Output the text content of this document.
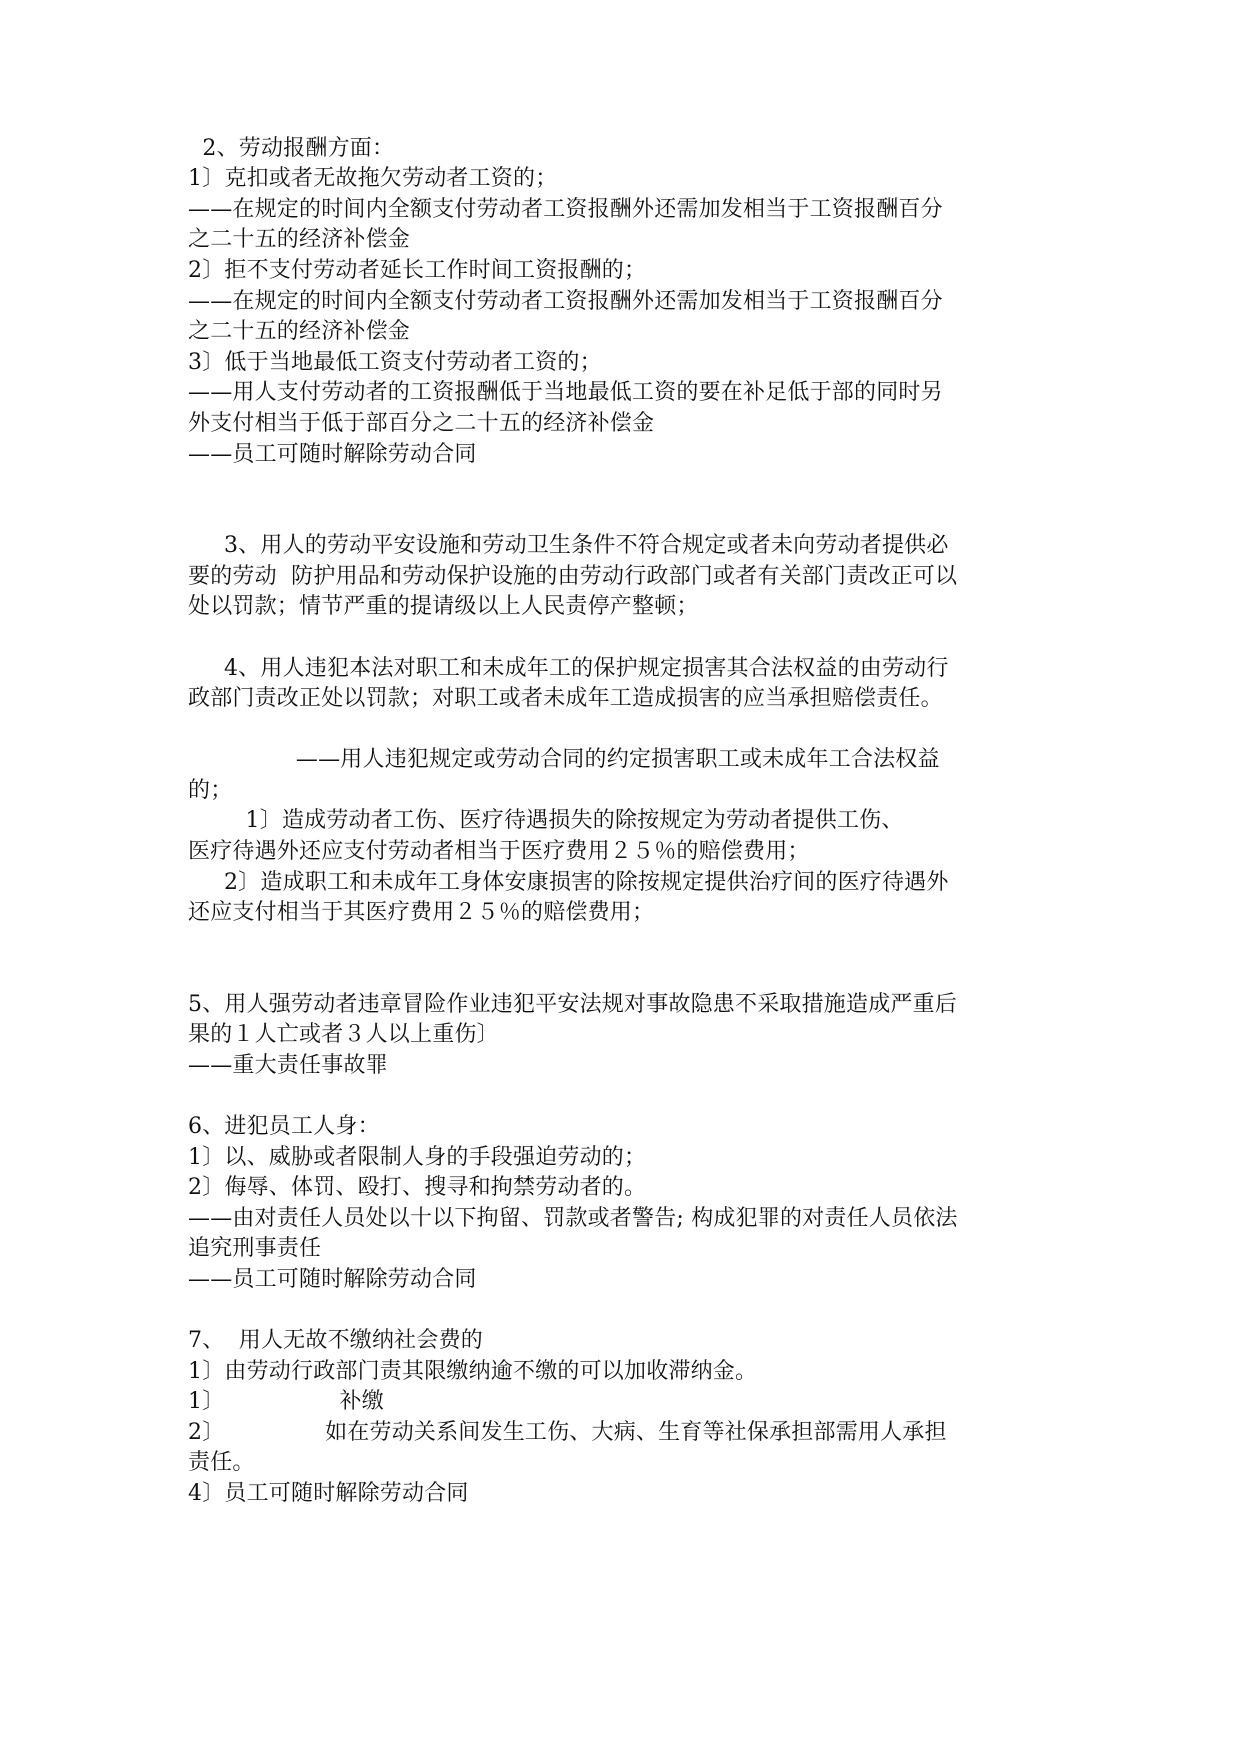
2、劳动报酬方面：
1〕克扣或者无故拖欠劳动者工资的；
——在规定的时间内全额支付劳动者工资报酬外还需加发相当于工资报酬百分
之二十五的经济补偿金
2〕拒不支付劳动者延长工作时间工资报酬的；
——在规定的时间内全额支付劳动者工资报酬外还需加发相当于工资报酬百分
之二十五的经济补偿金
3〕低于当地最低工资支付劳动者工资的；
——用人支付劳动者的工资报酬低于当地最低工资的要在补足低于部的同时另
外支付相当于低于部百分之二十五的经济补偿金
——员工可随时解除劳动合同
3、用人的劳动平安设施和劳动卫生条件不符合规定或者未向劳动者提供必
要的劳动  防护用品和劳动保护设施的由劳动行政部门或者有关部门责改正可以
处以罚款；情节严重的提请级以上人民责停产整顿；
4、用人违犯本法对职工和未成年工的保护规定损害其合法权益的由劳动行
政部门责改正处以罚款；对职工或者未成年工造成损害的应当承担赔偿责任。
——用人违犯规定或劳动合同的约定损害职工或未成年工合法权益
的；
1〕造成劳动者工伤、医疗待遇损失的除按规定为劳动者提供工伤、
医疗待遇外还应支付劳动者相当于医疗费用２５％的赔偿费用；
2〕造成职工和未成年工身体安康损害的除按规定提供治疗间的医疗待遇外
还应支付相当于其医疗费用２５％的赔偿费用；
5、用人强劳动者违章冒险作业违犯平安法规对事故隐患不采取措施造成严重后
果的１人亡或者３人以上重伤〕
——重大责任事故罪
6、进犯员工人身：
1〕以、威胁或者限制人身的手段强迫劳动的；
2〕侮辱、体罚、殴打、搜寻和拘禁劳动者的。
——由对责任人员处以十以下拘留、罚款或者警告; 构成犯罪的对责任人员依法
追究刑事责任
——员工可随时解除劳动合同
7、  用人无故不缴纳社会费的
1〕由劳动行政部门责其限缴纳逾不缴的可以加收滞纳金。
1〕                补缴
2〕              如在劳动关系间发生工伤、大病、生育等社保承担部需用人承担
责任。
4〕员工可随时解除劳动合同
